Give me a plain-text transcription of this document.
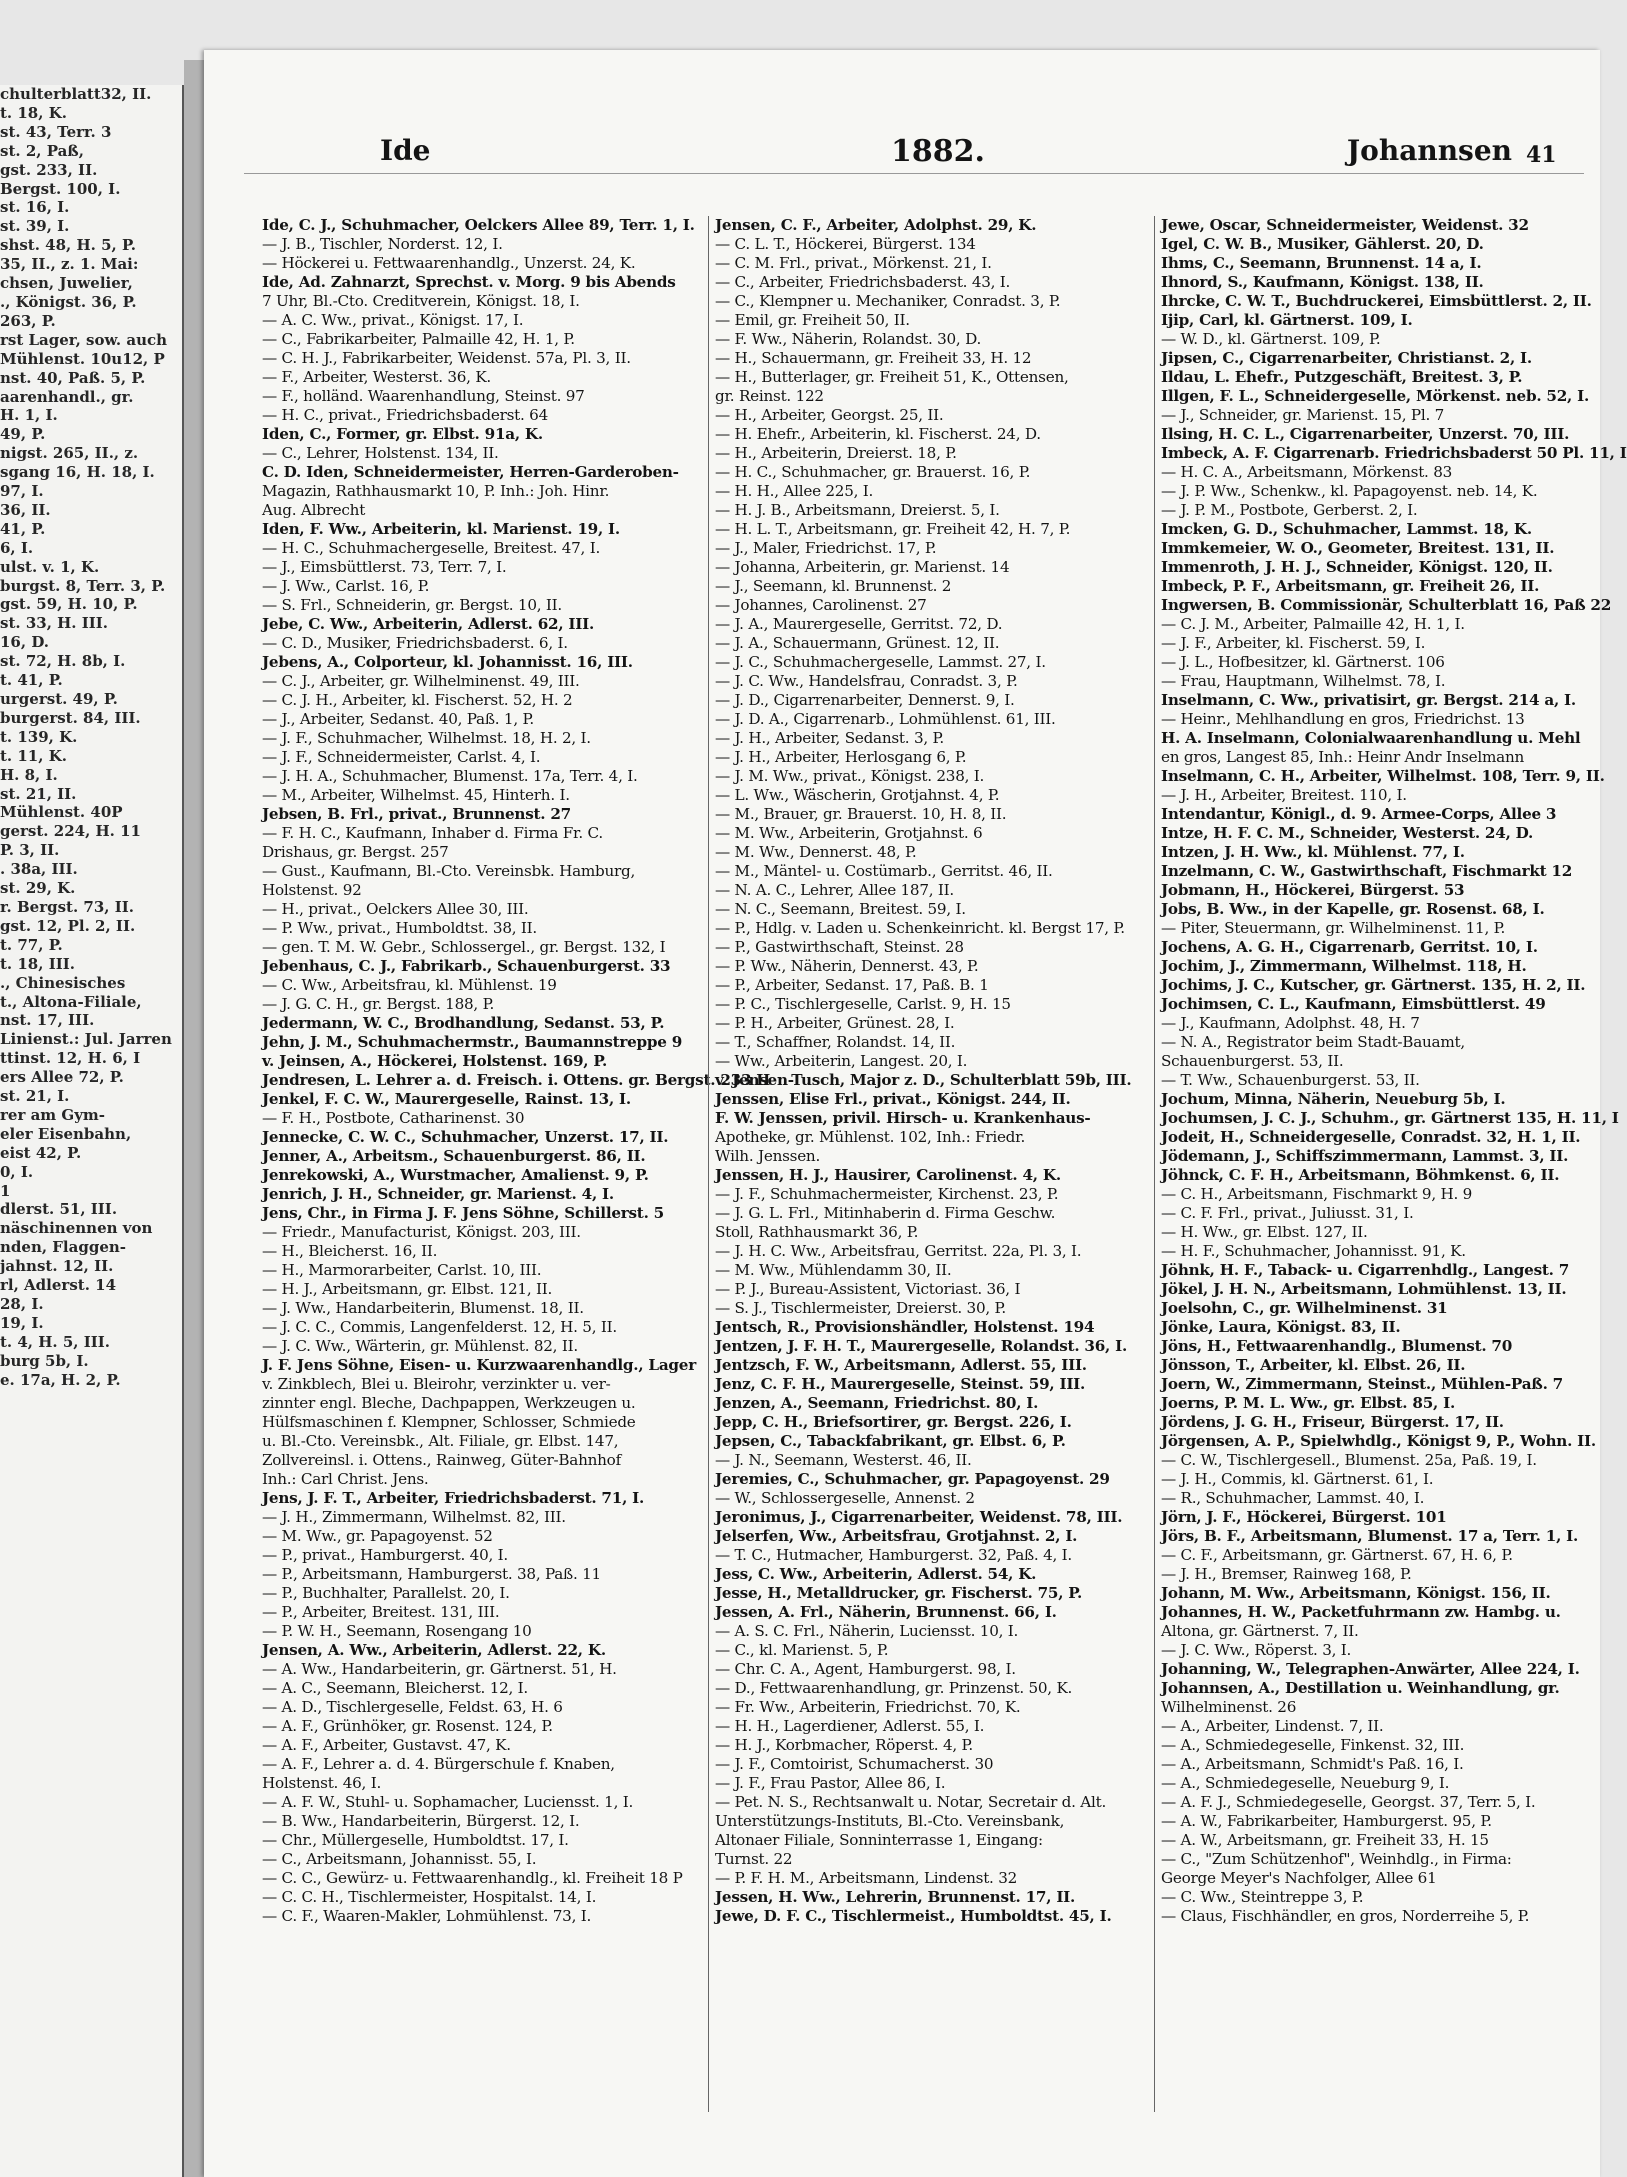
chulterblatt32, II.
t. 18, K.
st. 43, Terr. 3
st. 2, Paß,
gst. 233, II.
Bergst. 100, I.
st. 16, I.
st. 39, I.
shst. 48, H. 5, P.
35, II., z. 1. Mai:
chsen, Juwelier,
., Königst. 36, P.
263, P.
rst Lager, sow. auch
Mühlenst. 10u12, P
nst. 40, Paß. 5, P.
aarenhandl., gr.
H. 1, I.
49, P.
nigst. 265, II., z.
sgang 16, H. 18, I.
97, I.
36, II.
41, P.
6, I.
ulst. v. 1, K.
burgst. 8, Terr. 3, P.
gst. 59, H. 10, P.
st. 33, H. III.
16, D.
st. 72, H. 8b, I.
t. 41, P.
urgerst. 49, P.
burgerst. 84, III.
t. 139, K.
t. 11, K.
H. 8, I.
st. 21, II.
Mühlenst. 40P
gerst. 224, H. 11
P. 3, II.
. 38a, III.
st. 29, K.
r. Bergst. 73, II.
gst. 12, Pl. 2, II.
t. 77, P.
t. 18, III.
., Chinesisches
t., Altona-Filiale,
nst. 17, III.
Linienst.: Jul. Jarren
ttinst. 12, H. 6, I
ers Allee 72, P.
st. 21, I.
rer am Gym-
eler Eisenbahn,
eist 42, P.
0, I.
1
dlerst. 51, III.
näschinennen von
nden, Flaggen-
jahnst. 12, II.
rl, Adlerst. 14
28, I.
19, I.
t. 4, H. 5, III.
burg 5b, I.
e. 17a, H. 2, P.
Ide	1882.	Johannsen 41
Ide, C. J., Schuhmacher, Oelckers Allee 89, Terr. 1, I.
— J. B., Tischler, Norderst. 12, I.
— Höckerei u. Fettwaarenhandlg., Unzerst. 24, K.
Ide, Ad. Zahnarzt, Sprechst. v. Morg. 9 bis Abends
7 Uhr, Bl.-Cto. Creditverein, Königst. 18, I.
— A. C. Ww., privat., Königst. 17, I.
— C., Fabrikarbeiter, Palmaille 42, H. 1, P.
— C. H. J., Fabrikarbeiter, Weidenst. 57a, Pl. 3, II.
— F., Arbeiter, Westerst. 36, K.
— F., holländ. Waarenhandlung, Steinst. 97
— H. C., privat., Friedrichsbaderst. 64
Iden, C., Former, gr. Elbst. 91a, K.
— C., Lehrer, Holstenst. 134, II.
C. D. Iden, Schneidermeister, Herren-Garderoben-
Magazin, Rathhausmarkt 10, P. Inh.: Joh. Hinr.
Aug. Albrecht
Iden, F. Ww., Arbeiterin, kl. Marienst. 19, I.
— H. C., Schuhmachergeselle, Breitest. 47, I.
— J., Eimsbüttlerst. 73, Terr. 7, I.
— J. Ww., Carlst. 16, P.
— S. Frl., Schneiderin, gr. Bergst. 10, II.
Jebe, C. Ww., Arbeiterin, Adlerst. 62, III.
— C. D., Musiker, Friedrichsbaderst. 6, I.
Jebens, A., Colporteur, kl. Johannisst. 16, III.
— C. J., Arbeiter, gr. Wilhelminenst. 49, III.
— C. J. H., Arbeiter, kl. Fischerst. 52, H. 2
— J., Arbeiter, Sedanst. 40, Paß. 1, P.
— J. F., Schuhmacher, Wilhelmst. 18, H. 2, I.
— J. F., Schneidermeister, Carlst. 4, I.
— J. H. A., Schuhmacher, Blumenst. 17a, Terr. 4, I.
— M., Arbeiter, Wilhelmst. 45, Hinterh. I.
Jebsen, B. Frl., privat., Brunnenst. 27
— F. H. C., Kaufmann, Inhaber d. Firma Fr. C.
Drishaus, gr. Bergst. 257
— Gust., Kaufmann, Bl.-Cto. Vereinsbk. Hamburg,
Holstenst. 92
— H., privat., Oelckers Allee 30, III.
— P. Ww., privat., Humboldtst. 38, II.
— gen. T. M. W. Gebr., Schlossergel., gr. Bergst. 132, I
Jebenhaus, C. J., Fabrikarb., Schauenburgerst. 33
— C. Ww., Arbeitsfrau, kl. Mühlenst. 19
— J. G. C. H., gr. Bergst. 188, P.
Jedermann, W. C., Brodhandlung, Sedanst. 53, P.
Jehn, J. M., Schuhmachermstr., Baumannstreppe 9
v. Jeinsen, A., Höckerei, Holstenst. 169, P.
Jendresen, L. Lehrer a. d. Freisch. i. Ottens. gr. Bergst. 233 II
Jenkel, F. C. W., Maurergeselle, Rainst. 13, I.
— F. H., Postbote, Catharinenst. 30
Jennecke, C. W. C., Schuhmacher, Unzerst. 17, II.
Jenner, A., Arbeitsm., Schauenburgerst. 86, II.
Jenrekowski, A., Wurstmacher, Amalienst. 9, P.
Jenrich, J. H., Schneider, gr. Marienst. 4, I.
Jens, Chr., in Firma J. F. Jens Söhne, Schillerst. 5
— Friedr., Manufacturist, Königst. 203, III.
— H., Bleicherst. 16, II.
— H., Marmorarbeiter, Carlst. 10, III.
— H. J., Arbeitsmann, gr. Elbst. 121, II.
— J. Ww., Handarbeiterin, Blumenst. 18, II.
— J. C. C., Commis, Langenfelderst. 12, H. 5, II.
— J. C. Ww., Wärterin, gr. Mühlenst. 82, II.
J. F. Jens Söhne, Eisen- u. Kurzwaarenhandlg., Lager
v. Zinkblech, Blei u. Bleirohr, verzinkter u. ver-
zinnter engl. Bleche, Dachpappen, Werkzeugen u.
Hülfsmaschinen f. Klempner, Schlosser, Schmiede
u. Bl.-Cto. Vereinsbk., Alt. Filiale, gr. Elbst. 147,
Zollvereinsl. i. Ottens., Rainweg, Güter-Bahnhof
Inh.: Carl Christ. Jens.
Jens, J. F. T., Arbeiter, Friedrichsbaderst. 71, I.
— J. H., Zimmermann, Wilhelmst. 82, III.
— M. Ww., gr. Papagoyenst. 52
— P., privat., Hamburgerst. 40, I.
— P., Arbeitsmann, Hamburgerst. 38, Paß. 11
— P., Buchhalter, Parallelst. 20, I.
— P., Arbeiter, Breitest. 131, III.
— P. W. H., Seemann, Rosengang 10
Jensen, A. Ww., Arbeiterin, Adlerst. 22, K.
— A. Ww., Handarbeiterin, gr. Gärtnerst. 51, H.
— A. C., Seemann, Bleicherst. 12, I.
— A. D., Tischlergeselle, Feldst. 63, H. 6
— A. F., Grünhöker, gr. Rosenst. 124, P.
— A. F., Arbeiter, Gustavst. 47, K.
— A. F., Lehrer a. d. 4. Bürgerschule f. Knaben,
Holstenst. 46, I.
— A. F. W., Stuhl- u. Sophamacher, Luciensst. 1, I.
— B. Ww., Handarbeiterin, Bürgerst. 12, I.
— Chr., Müllergeselle, Humboldtst. 17, I.
— C., Arbeitsmann, Johannisst. 55, I.
— C. C., Gewürz- u. Fettwaarenhandlg., kl. Freiheit 18 P
— C. C. H., Tischlermeister, Hospitalst. 14, I.
— C. F., Waaren-Makler, Lohmühlenst. 73, I.
Jensen, C. F., Arbeiter, Adolphst. 29, K.
— C. L. T., Höckerei, Bürgerst. 134
— C. M. Frl., privat., Mörkenst. 21, I.
— C., Arbeiter, Friedrichsbaderst. 43, I.
— C., Klempner u. Mechaniker, Conradst. 3, P.
— Emil, gr. Freiheit 50, II.
— F. Ww., Näherin, Rolandst. 30, D.
— H., Schauermann, gr. Freiheit 33, H. 12
— H., Butterlager, gr. Freiheit 51, K., Ottensen,
gr. Reinst. 122
— H., Arbeiter, Georgst. 25, II.
— H. Ehefr., Arbeiterin, kl. Fischerst. 24, D.
— H., Arbeiterin, Dreierst. 18, P.
— H. C., Schuhmacher, gr. Brauerst. 16, P.
— H. H., Allee 225, I.
— H. J. B., Arbeitsmann, Dreierst. 5, I.
— H. L. T., Arbeitsmann, gr. Freiheit 42, H. 7, P.
— J., Maler, Friedrichst. 17, P.
— Johanna, Arbeiterin, gr. Marienst. 14
— J., Seemann, kl. Brunnenst. 2
— Johannes, Carolinenst. 27
— J. A., Maurergeselle, Gerritst. 72, D.
— J. A., Schauermann, Grünest. 12, II.
— J. C., Schuhmachergeselle, Lammst. 27, I.
— J. C. Ww., Handelsfrau, Conradst. 3, P.
— J. D., Cigarrenarbeiter, Dennerst. 9, I.
— J. D. A., Cigarrenarb., Lohmühlenst. 61, III.
— J. H., Arbeiter, Sedanst. 3, P.
— J. H., Arbeiter, Herlosgang 6, P.
— J. M. Ww., privat., Königst. 238, I.
— L. Ww., Wäscherin, Grotjahnst. 4, P.
— M., Brauer, gr. Brauerst. 10, H. 8, II.
— M. Ww., Arbeiterin, Grotjahnst. 6
— M. Ww., Dennerst. 48, P.
— M., Mäntel- u. Costümarb., Gerritst. 46, II.
— N. A. C., Lehrer, Allee 187, II.
— N. C., Seemann, Breitest. 59, I.
— P., Hdlg. v. Laden u. Schenkeinricht. kl. Bergst 17, P.
— P., Gastwirthschaft, Steinst. 28
— P. Ww., Näherin, Dennerst. 43, P.
— P., Arbeiter, Sedanst. 17, Paß. B. 1
— P. C., Tischlergeselle, Carlst. 9, H. 15
— P. H., Arbeiter, Grünest. 28, I.
— T., Schaffner, Rolandst. 14, II.
— Ww., Arbeiterin, Langest. 20, I.
v. Jensen-Tusch, Major z. D., Schulterblatt 59b, III.
Jenssen, Elise Frl., privat., Königst. 244, II.
F. W. Jenssen, privil. Hirsch- u. Krankenhaus-
Apotheke, gr. Mühlenst. 102, Inh.: Friedr.
Wilh. Jenssen.
Jenssen, H. J., Hausirer, Carolinenst. 4, K.
— J. F., Schuhmachermeister, Kirchenst. 23, P.
— J. G. L. Frl., Mitinhaberin d. Firma Geschw.
Stoll, Rathhausmarkt 36, P.
— J. H. C. Ww., Arbeitsfrau, Gerritst. 22a, Pl. 3, I.
— M. Ww., Mühlendamm 30, II.
— P. J., Bureau-Assistent, Victoriast. 36, I
— S. J., Tischlermeister, Dreierst. 30, P.
Jentsch, R., Provisionshändler, Holstenst. 194
Jentzen, J. F. H. T., Maurergeselle, Rolandst. 36, I.
Jentzsch, F. W., Arbeitsmann, Adlerst. 55, III.
Jenz, C. F. H., Maurergeselle, Steinst. 59, III.
Jenzen, A., Seemann, Friedrichst. 80, I.
Jepp, C. H., Briefsortirer, gr. Bergst. 226, I.
Jepsen, C., Tabackfabrikant, gr. Elbst. 6, P.
— J. N., Seemann, Westerst. 46, II.
Jeremies, C., Schuhmacher, gr. Papagoyenst. 29
— W., Schlossergeselle, Annenst. 2
Jeronimus, J., Cigarrenarbeiter, Weidenst. 78, III.
Jelserfen, Ww., Arbeitsfrau, Grotjahnst. 2, I.
— T. C., Hutmacher, Hamburgerst. 32, Paß. 4, I.
Jess, C. Ww., Arbeiterin, Adlerst. 54, K.
Jesse, H., Metalldrucker, gr. Fischerst. 75, P.
Jessen, A. Frl., Näherin, Brunnenst. 66, I.
— A. S. C. Frl., Näherin, Luciensst. 10, I.
— C., kl. Marienst. 5, P.
— Chr. C. A., Agent, Hamburgerst. 98, I.
— D., Fettwaarenhandlung, gr. Prinzenst. 50, K.
— Fr. Ww., Arbeiterin, Friedrichst. 70, K.
— H. H., Lagerdiener, Adlerst. 55, I.
— H. J., Korbmacher, Röperst. 4, P.
— J. F., Comtoirist, Schumacherst. 30
— J. F., Frau Pastor, Allee 86, I.
— Pet. N. S., Rechtsanwalt u. Notar, Secretair d. Alt.
Unterstützungs-Instituts, Bl.-Cto. Vereinsbank,
Altonaer Filiale, Sonninterrasse 1, Eingang:
Turnst. 22
— P. F. H. M., Arbeitsmann, Lindenst. 32
Jessen, H. Ww., Lehrerin, Brunnenst. 17, II.
Jewe, D. F. C., Tischlermeist., Humboldtst. 45, I.
Jewe, Oscar, Schneidermeister, Weidenst. 32
Igel, C. W. B., Musiker, Gählerst. 20, D.
Ihms, C., Seemann, Brunnenst. 14 a, I.
Ihnord, S., Kaufmann, Königst. 138, II.
Ihrcke, C. W. T., Buchdruckerei, Eimsbüttlerst. 2, II.
Ijip, Carl, kl. Gärtnerst. 109, I.
— W. D., kl. Gärtnerst. 109, P.
Jipsen, C., Cigarrenarbeiter, Christianst. 2, I.
Ildau, L. Ehefr., Putzgeschäft, Breitest. 3, P.
Illgen, F. L., Schneidergeselle, Mörkenst. neb. 52, I.
— J., Schneider, gr. Marienst. 15, Pl. 7
Ilsing, H. C. L., Cigarrenarbeiter, Unzerst. 70, III.
Imbeck, A. F. Cigarrenarb. Friedrichsbaderst 50 Pl. 11, I
— H. C. A., Arbeitsmann, Mörkenst. 83
— J. P. Ww., Schenkw., kl. Papagoyenst. neb. 14, K.
— J. P. M., Postbote, Gerberst. 2, I.
Imcken, G. D., Schuhmacher, Lammst. 18, K.
Immkemeier, W. O., Geometer, Breitest. 131, II.
Immenroth, J. H. J., Schneider, Königst. 120, II.
Imbeck, P. F., Arbeitsmann, gr. Freiheit 26, II.
Ingwersen, B. Commissionär, Schulterblatt 16, Paß 22
— C. J. M., Arbeiter, Palmaille 42, H. 1, I.
— J. F., Arbeiter, kl. Fischerst. 59, I.
— J. L., Hofbesitzer, kl. Gärtnerst. 106
— Frau, Hauptmann, Wilhelmst. 78, I.
Inselmann, C. Ww., privatisirt, gr. Bergst. 214 a, I.
— Heinr., Mehlhandlung en gros, Friedrichst. 13
H. A. Inselmann, Colonialwaarenhandlung u. Mehl
en gros, Langest 85, Inh.: Heinr Andr Inselmann
Inselmann, C. H., Arbeiter, Wilhelmst. 108, Terr. 9, II.
— J. H., Arbeiter, Breitest. 110, I.
Intendantur, Königl., d. 9. Armee-Corps, Allee 3
Intze, H. F. C. M., Schneider, Westerst. 24, D.
Intzen, J. H. Ww., kl. Mühlenst. 77, I.
Inzelmann, C. W., Gastwirthschaft, Fischmarkt 12
Jobmann, H., Höckerei, Bürgerst. 53
Jobs, B. Ww., in der Kapelle, gr. Rosenst. 68, I.
— Piter, Steuermann, gr. Wilhelminenst. 11, P.
Jochens, A. G. H., Cigarrenarb, Gerritst. 10, I.
Jochim, J., Zimmermann, Wilhelmst. 118, H.
Jochims, J. C., Kutscher, gr. Gärtnerst. 135, H. 2, II.
Jochimsen, C. L., Kaufmann, Eimsbüttlerst. 49
— J., Kaufmann, Adolphst. 48, H. 7
— N. A., Registrator beim Stadt-Bauamt,
Schauenburgerst. 53, II.
— T. Ww., Schauenburgerst. 53, II.
Jochum, Minna, Näherin, Neueburg 5b, I.
Jochumsen, J. C. J., Schuhm., gr. Gärtnerst 135, H. 11, I
Jodeit, H., Schneidergeselle, Conradst. 32, H. 1, II.
Jödemann, J., Schiffszimmermann, Lammst. 3, II.
Jöhnck, C. F. H., Arbeitsmann, Böhmkenst. 6, II.
— C. H., Arbeitsmann, Fischmarkt 9, H. 9
— C. F. Frl., privat., Juliusst. 31, I.
— H. Ww., gr. Elbst. 127, II.
— H. F., Schuhmacher, Johannisst. 91, K.
Jöhnk, H. F., Taback- u. Cigarrenhdlg., Langest. 7
Jökel, J. H. N., Arbeitsmann, Lohmühlenst. 13, II.
Joelsohn, C., gr. Wilhelminenst. 31
Jönke, Laura, Königst. 83, II.
Jöns, H., Fettwaarenhandlg., Blumenst. 70
Jönsson, T., Arbeiter, kl. Elbst. 26, II.
Joern, W., Zimmermann, Steinst., Mühlen-Paß. 7
Joerns, P. M. L. Ww., gr. Elbst. 85, I.
Jördens, J. G. H., Friseur, Bürgerst. 17, II.
Jörgensen, A. P., Spielwhdlg., Königst 9, P., Wohn. II.
— C. W., Tischlergesell., Blumenst. 25a, Paß. 19, I.
— J. H., Commis, kl. Gärtnerst. 61, I.
— R., Schuhmacher, Lammst. 40, I.
Jörn, J. F., Höckerei, Bürgerst. 101
Jörs, B. F., Arbeitsmann, Blumenst. 17 a, Terr. 1, I.
— C. F., Arbeitsmann, gr. Gärtnerst. 67, H. 6, P.
— J. H., Bremser, Rainweg 168, P.
Johann, M. Ww., Arbeitsmann, Königst. 156, II.
Johannes, H. W., Packetfuhrmann zw. Hambg. u.
Altona, gr. Gärtnerst. 7, II.
— J. C. Ww., Röperst. 3, I.
Johanning, W., Telegraphen-Anwärter, Allee 224, I.
Johannsen, A., Destillation u. Weinhandlung, gr.
Wilhelminenst. 26
— A., Arbeiter, Lindenst. 7, II.
— A., Schmiedegeselle, Finkenst. 32, III.
— A., Arbeitsmann, Schmidt's Paß. 16, I.
— A., Schmiedegeselle, Neueburg 9, I.
— A. F. J., Schmiedegeselle, Georgst. 37, Terr. 5, I.
— A. W., Fabrikarbeiter, Hamburgerst. 95, P.
— A. W., Arbeitsmann, gr. Freiheit 33, H. 15
— C., "Zum Schützenhof", Weinhdlg., in Firma:
George Meyer's Nachfolger, Allee 61
— C. Ww., Steintreppe 3, P.
— Claus, Fischhändler, en gros, Norderreihe 5, P.
